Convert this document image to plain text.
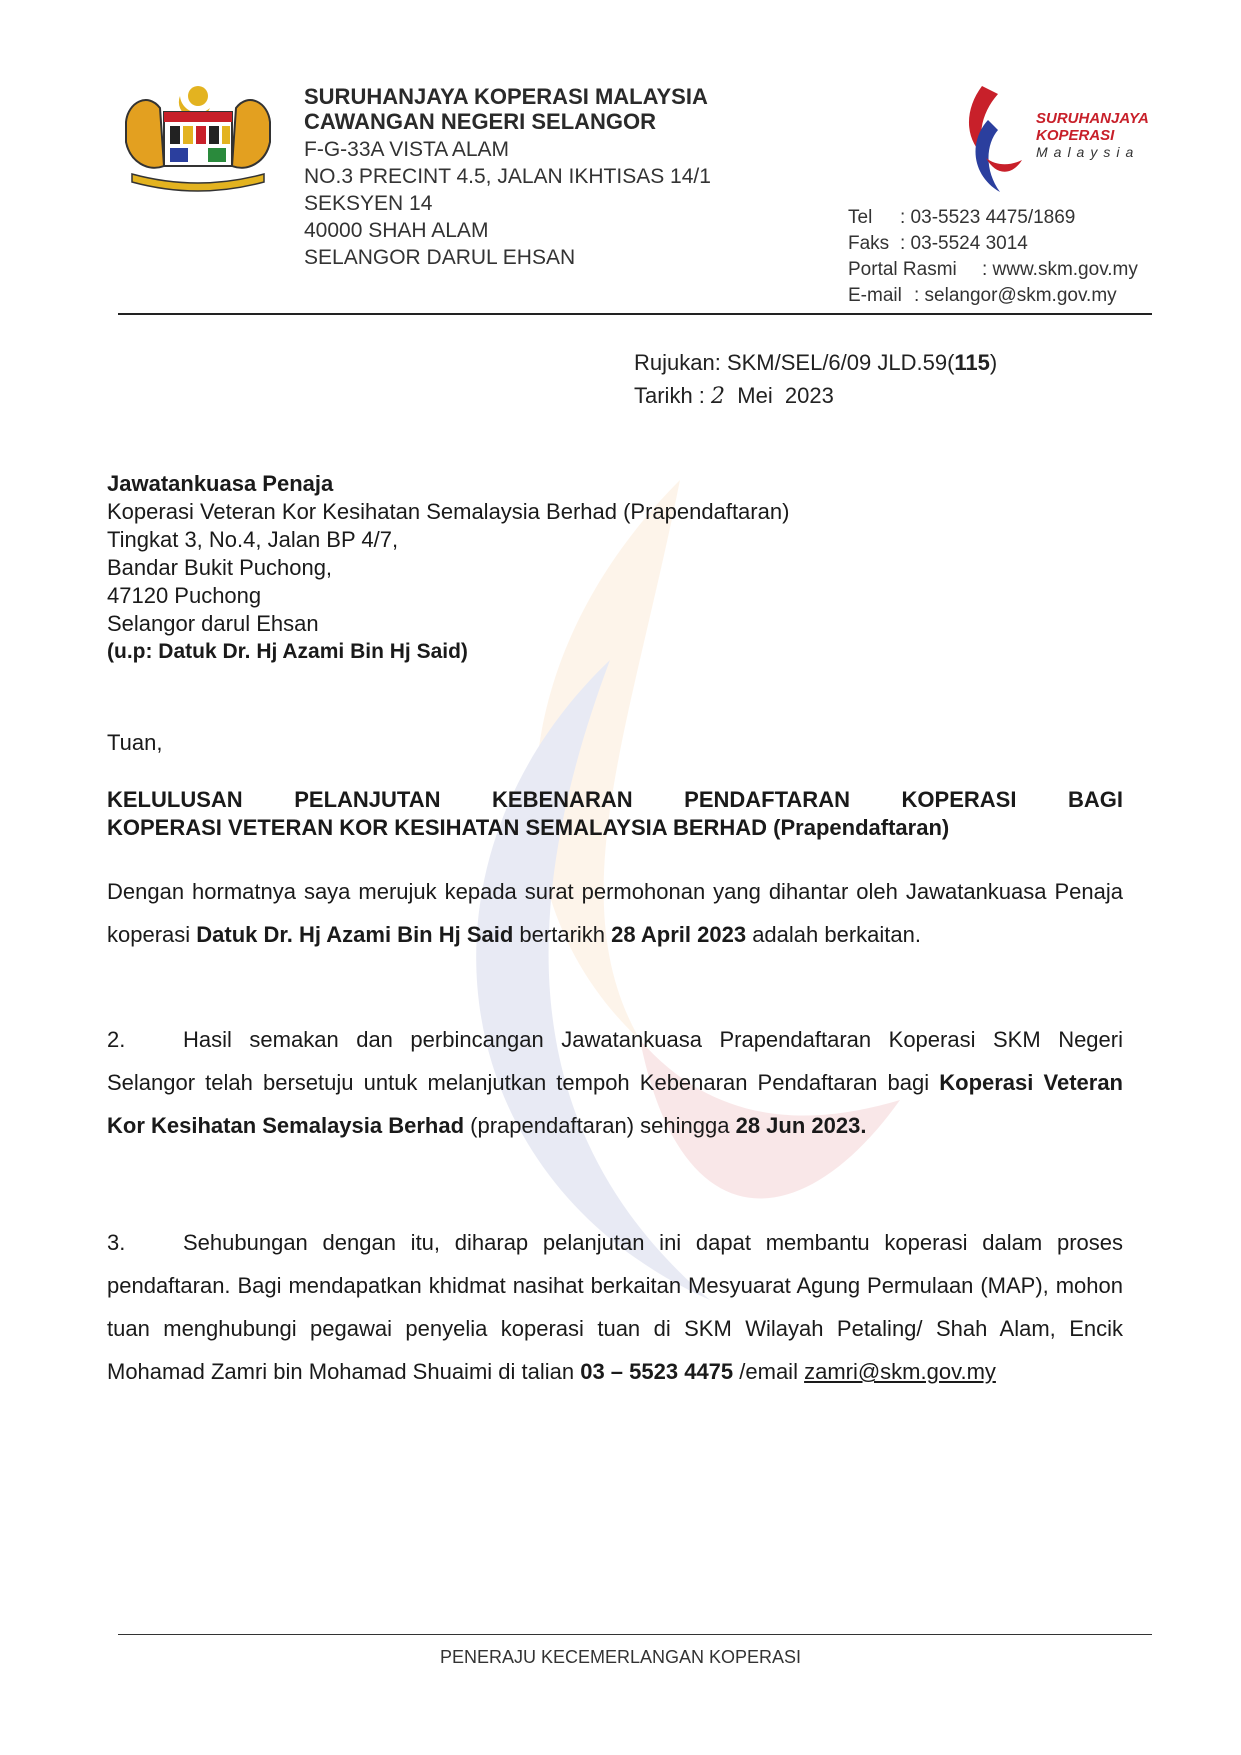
SURUHANJAYA KOPERASI MALAYSIA
CAWANGAN NEGERI SELANGOR
F-G-33A VISTA ALAM
NO.3 PRECINT 4.5, JALAN IKHTISAS 14/1
SEKSYEN 14
40000 SHAH ALAM
SELANGOR DARUL EHSAN
SURUHANJAYA
KOPERASI
Malaysia
Tel : 03-5523 4475/1869
Faks : 03-5524 3014
Portal Rasmi : www.skm.gov.my
E-mail : selangor@skm.gov.my
Rujukan: SKM/SEL/6/09 JLD.59(115)
Tarikh : 2  Mei  2023
Jawatankuasa Penaja
Koperasi Veteran Kor Kesihatan Semalaysia Berhad (Prapendaftaran)
Tingkat 3, No.4, Jalan BP 4/7,
Bandar Bukit Puchong,
47120 Puchong
Selangor darul Ehsan
(u.p: Datuk Dr. Hj Azami Bin Hj Said)
Tuan,
KELULUSAN PELANJUTAN KEBENARAN PENDAFTARAN KOPERASI BAGI
KOPERASI VETERAN KOR KESIHATAN SEMALAYSIA BERHAD (Prapendaftaran)
Dengan hormatnya saya merujuk kepada surat permohonan yang dihantar oleh Jawatankuasa Penaja koperasi Datuk Dr. Hj Azami Bin Hj Said bertarikh 28 April 2023 adalah berkaitan.
2.	Hasil semakan dan perbincangan Jawatankuasa Prapendaftaran Koperasi SKM Negeri Selangor telah bersetuju untuk melanjutkan tempoh Kebenaran Pendaftaran bagi Koperasi Veteran Kor Kesihatan Semalaysia Berhad (prapendaftaran) sehingga 28 Jun 2023.
3.	Sehubungan dengan itu, diharap pelanjutan ini dapat membantu koperasi dalam proses pendaftaran. Bagi mendapatkan khidmat nasihat berkaitan Mesyuarat Agung Permulaan (MAP), mohon tuan menghubungi pegawai penyelia koperasi tuan di SKM Wilayah Petaling/ Shah Alam, Encik Mohamad Zamri bin Mohamad Shuaimi di talian 03 – 5523 4475 /email zamri@skm.gov.my
PENERAJU KECEMERLANGAN KOPERASI
